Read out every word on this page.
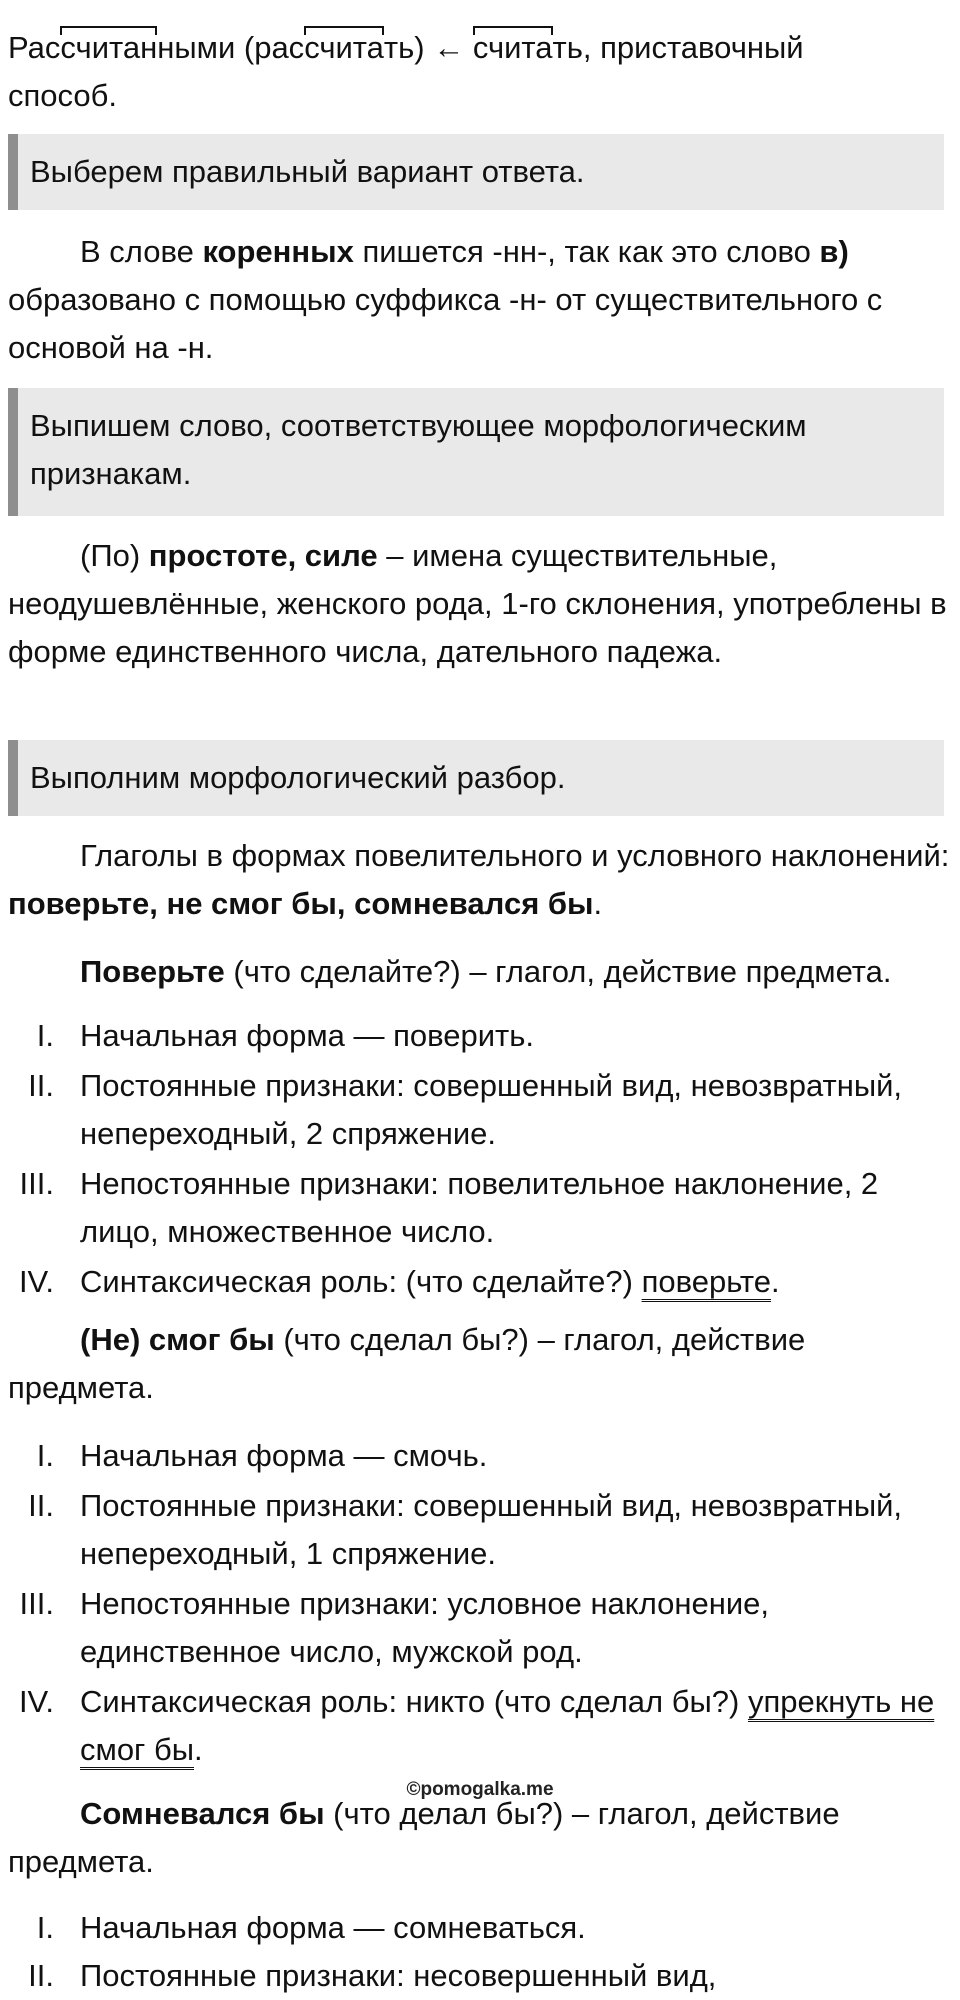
Рассчитанными (рассчитать) ← считать, приставочный
способ.

Выберем правильный вариант ответа.

В слове коренных пишется -нн-, так как это слово в) образовано с помощью суффикса -н- от существительного с основой на -н.

Выпишем слово, соответствующее морфологическим признакам.

(По) простоте, силе – имена существительные, неодушевлённые, женского рода, 1-го склонения, употреблены в форме единственного числа, дательного падежа.

Выполним морфологический разбор.

Глаголы в формах повелительного и условного наклонений: поверьте, не смог бы, сомневался бы.

Поверьте (что сделайте?) – глагол, действие предмета.

I. Начальная форма — поверить.
II. Постоянные признаки: совершенный вид, невозвратный, непереходный, 2 спряжение.
III. Непостоянные признаки: повелительное наклонение, 2 лицо, множественное число.
IV. Синтаксическая роль: (что сделайте?) поверьте.

(Не) смог бы (что сделал бы?) – глагол, действие предмета.

I. Начальная форма — смочь.
II. Постоянные признаки: совершенный вид, невозвратный, непереходный, 1 спряжение.
III. Непостоянные признаки: условное наклонение, единственное число, мужской род.
IV. Синтаксическая роль: никто (что сделал бы?) упрекнуть не смог бы.
©pomogalka.me

Сомневался бы (что делал бы?) – глагол, действие предмета.

I. Начальная форма — сомневаться.
II. Постоянные признаки: несовершенный вид,
